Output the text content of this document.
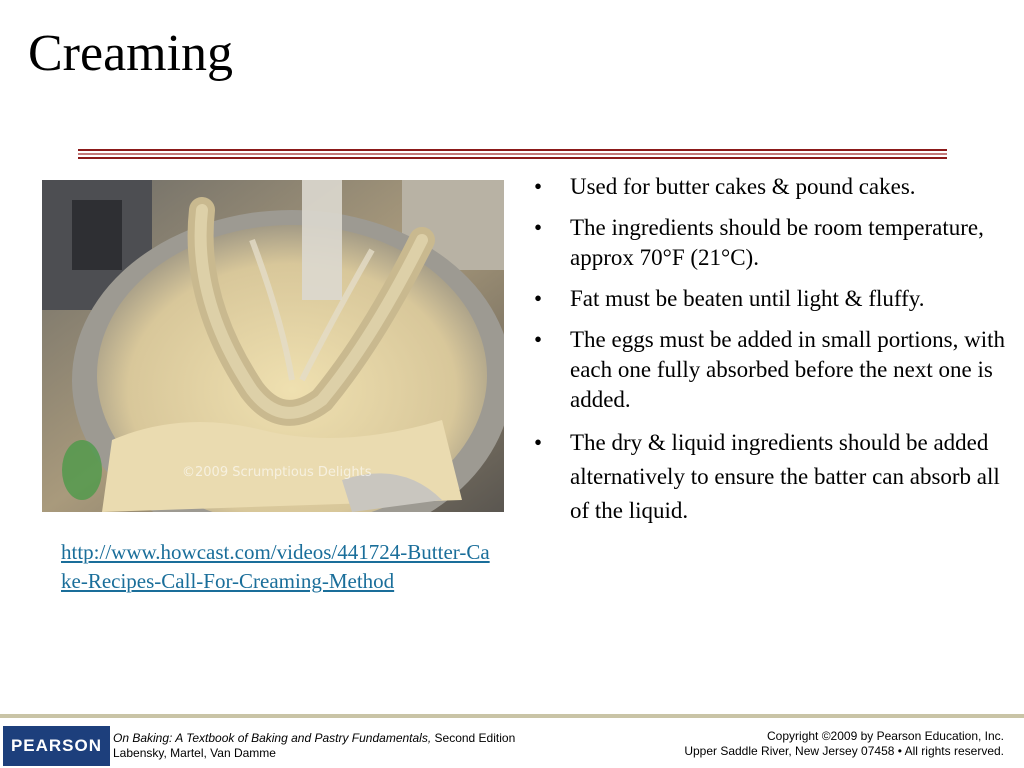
Creaming
©2009 Scrumptious Delights
http://www.howcast.com/videos/441724-Butter-Cake-Recipes-Call-For-Creaming-Method
• Used for butter cakes & pound cakes.
• The ingredients should be room temperature, approx 70°F (21°C).
• Fat must be beaten until light & fluffy.
• The eggs must be added in small portions, with each one fully absorbed before the next one is added.
• The dry & liquid ingredients should be added alternatively to ensure the batter can absorb all of the liquid.
PEARSON On Baking: A Textbook of Baking and Pastry Fundamentals, Second Edition
Labensky, Martel, Van Damme
Copyright ©2009 by Pearson Education, Inc.
Upper Saddle River, New Jersey 07458 • All rights reserved.
